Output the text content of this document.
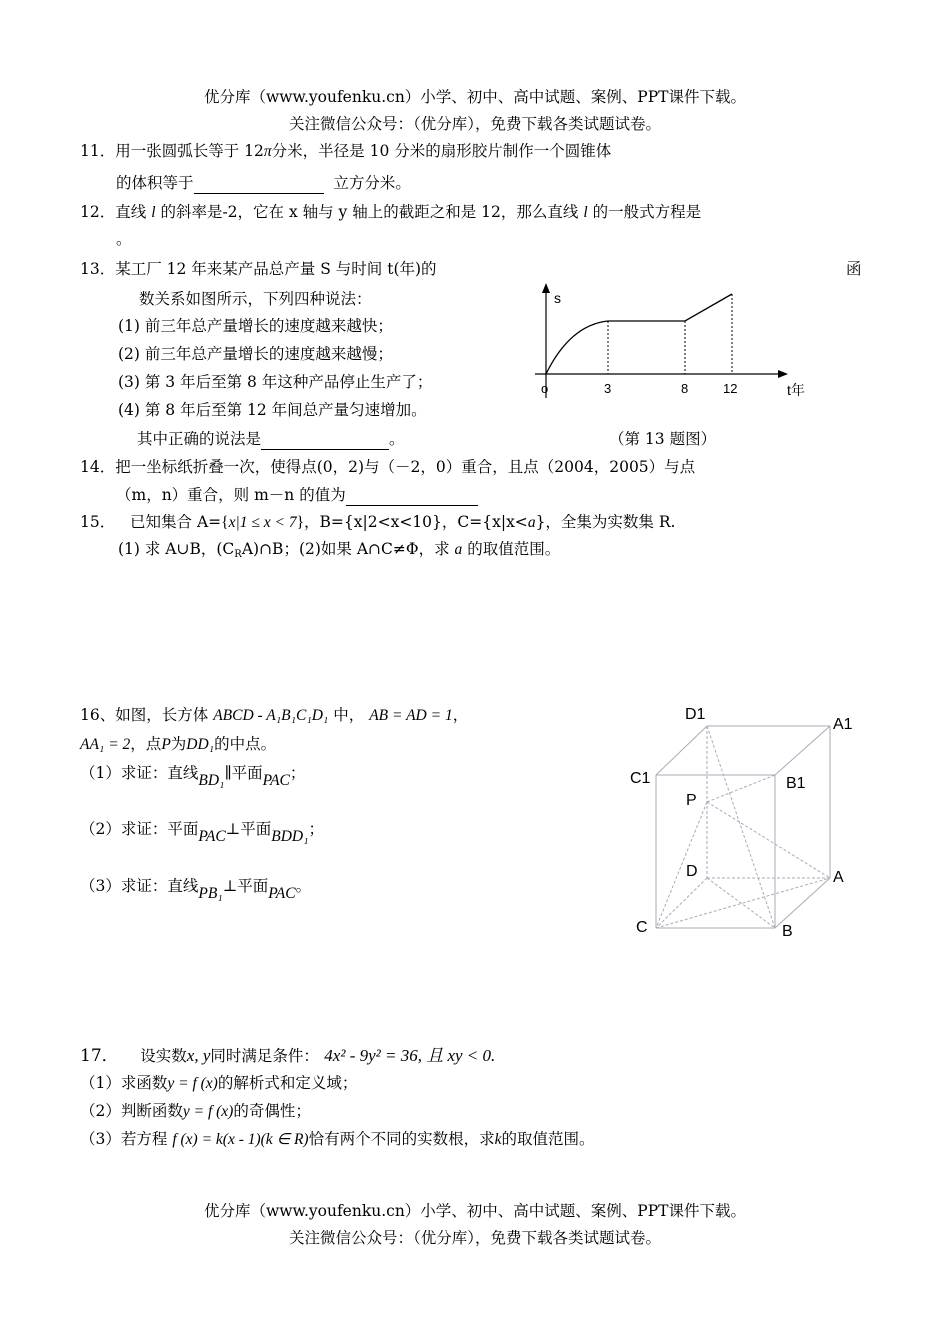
优分库（www.youfenku.cn）小学、初中、高中试题、案例、PPT课件下载。
关注微信公众号：（优分库），免费下载各类试题试卷。
11．用一张圆弧长等于 12π分米，半径是 10 分米的扇形胶片制作一个圆锥体
的体积等于	立方分米。
12．直线 l 的斜率是-2，它在 x 轴与 y 轴上的截距之和是 12，那么直线 l 的一般式方程是
。
13．某工厂 12 年来某产品总产量 S 与时间 t(年)的	函
数关系如图所示，下列四种说法：
(1) 前三年总产量增长的速度越来越快；
(2) 前三年总产量增长的速度越来越慢；
(3) 第 3 年后至第 8 年这种产品停止生产了；
(4) 第 8 年后至第 12 年间总产量匀速增加。
其中正确的说法是	。	（第 13 题图）
s
t年
o	3	8	12
14．把一坐标纸折叠一次，使得点(0，2)与（－2，0）重合，且点（2004，2005）与点
（m，n）重合，则 m－n 的值为
15． 已知集合 A={x|1 ≤ x < 7}，B={x|2<x<10}，C={x|x<a}，全集为实数集 R.
(1) 求 A∪B，$(C_RA)\cap B$；(2)如果 A∩C≠Φ，求 a 的取值范围。
16、如图，长方体 ABCD - A₁B₁C₁D₁ 中， AB = AD = 1，
AA₁ = 2，点P为DD₁的中点。
（1）求证：直线BD₁∥平面PAC；
（2）求证：平面PAC⊥平面BDD₁；
（3）求证：直线PB₁⊥平面PAC。
D1
A1
C1	B1
P
D	A
C	B
17． 设实数x, y同时满足条件： 4x² - 9y² = 36, 且 xy < 0.
（1）求函数y = f (x)的解析式和定义域；
（2）判断函数y = f (x)的奇偶性；
（3）若方程 f (x) = k(x - 1)(k ∈ R)恰有两个不同的实数根，求k的取值范围。
优分库（www.youfenku.cn）小学、初中、高中试题、案例、PPT课件下载。
关注微信公众号：（优分库），免费下载各类试题试卷。
